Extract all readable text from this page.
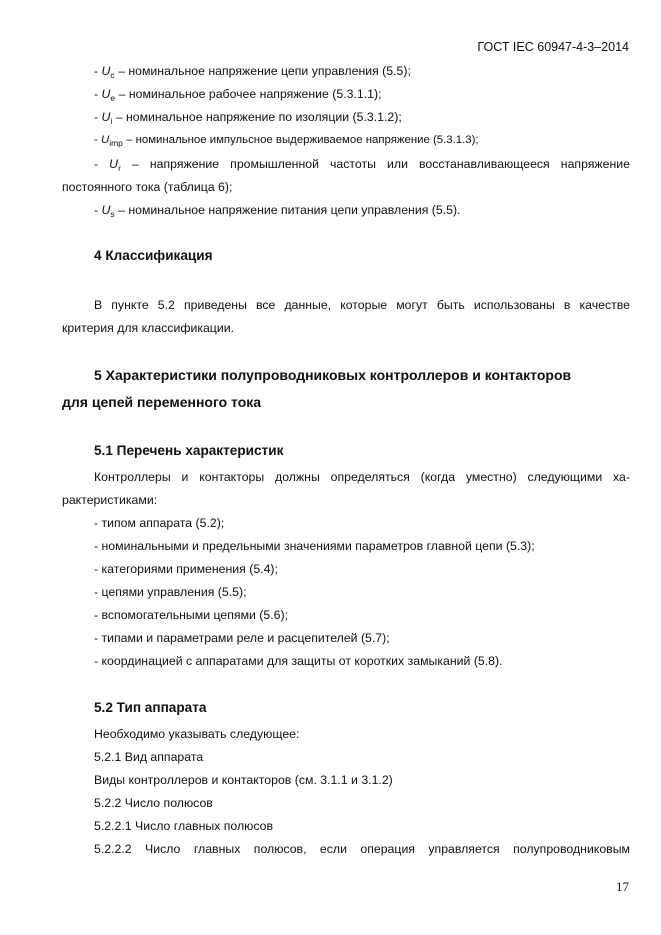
ГОСТ IEC 60947-4-3–2014
- $U_c$ – номинальное напряжение цепи управления (5.5);
- $U_e$ – номинальное рабочее напряжение (5.3.1.1);
- $U_i$ – номинальное напряжение по изоляции (5.3.1.2);
- $U_{imp}$ – номинальное импульсное выдерживаемое напряжение (5.3.1.3);
- $U_r$ – напряжение промышленной частоты или восстанавливающееся напряжение
постоянного тока (таблица 6);
- $U_s$ – номинальное напряжение питания цепи управления (5.5).
4 Классификация
В пункте 5.2 приведены все данные, которые могут быть использованы в качестве
критерия для классификации.
5 Характеристики полупроводниковых контроллеров и контакторов
для цепей переменного тока
5.1 Перечень характеристик
Контроллеры и контакторы должны определяться (когда уместно) следующими ха-
рактеристиками:
- типом аппарата (5.2);
- номинальными и предельными значениями параметров главной цепи (5.3);
- категориями применения (5.4);
- цепями управления (5.5);
- вспомогательными цепями (5.6);
- типами и параметрами реле и расцепителей (5.7);
- координацией с аппаратами для защиты от коротких замыканий (5.8).
5.2 Тип аппарата
Необходимо указывать следующее:
5.2.1 Вид аппарата
Виды контроллеров и контакторов (см. 3.1.1 и 3.1.2)
5.2.2 Число полюсов
5.2.2.1 Число главных полюсов
5.2.2.2 Число главных полюсов, если операция управляется полупроводниковым
17
